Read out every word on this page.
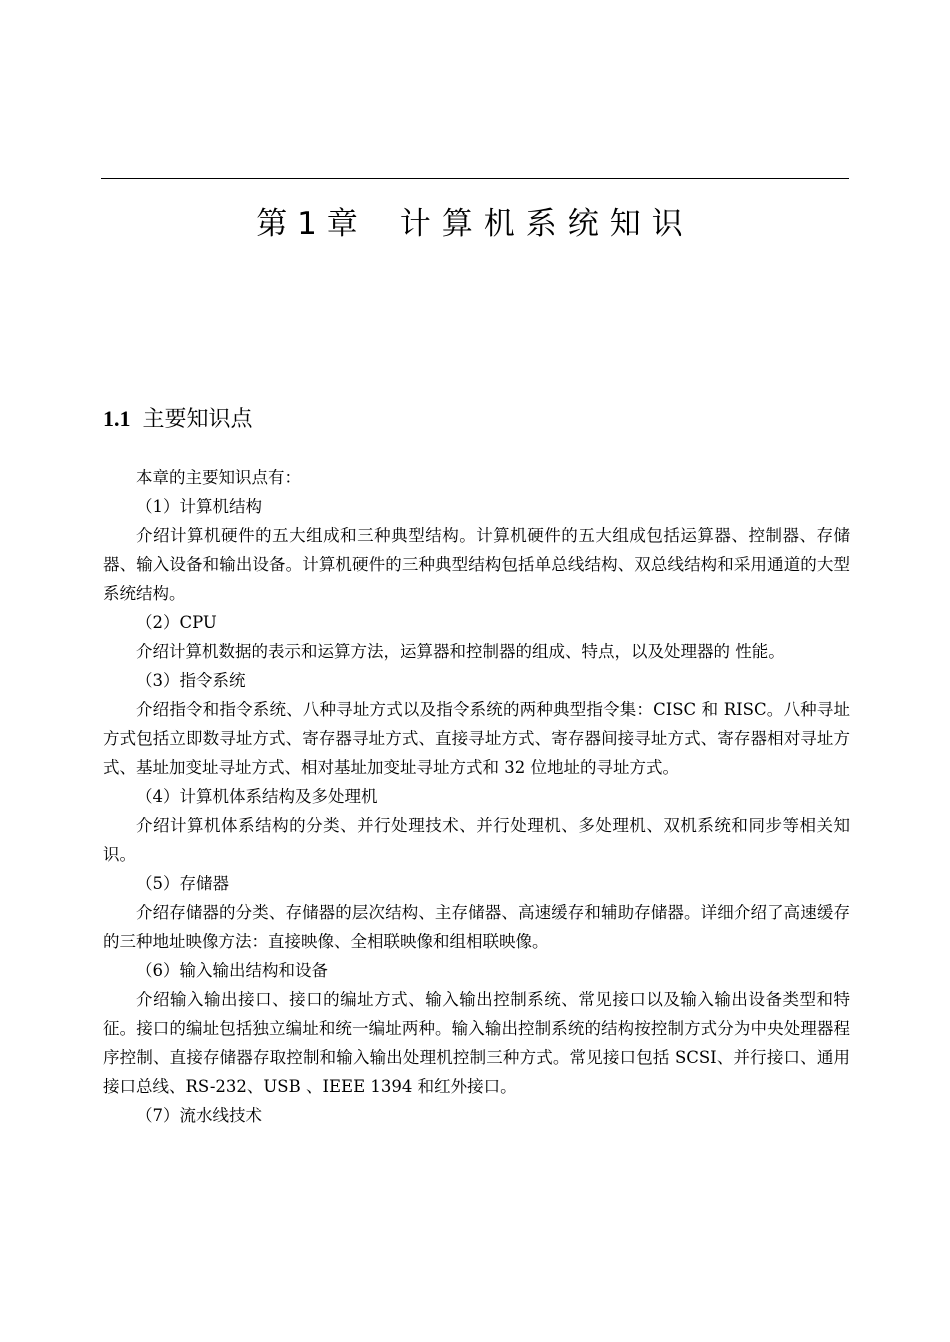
第 1 章 计算机系统知识
1.1 主要知识点

本章的主要知识点有：

（1）计算机结构

介绍计算机硬件的五大组成和三种典型结构。计算机硬件的五大组成包括运算器、控制器、存储器、输入设备和输出设备。计算机硬件的三种典型结构包括单总线结构、双总线结构和采用通道的大型系统结构。

（2）CPU

介绍计算机数据的表示和运算方法，运算器和控制器的组成、特点，以及处理器的 性能。

（3）指令系统

介绍指令和指令系统、八种寻址方式以及指令系统的两种典型指令集：CISC 和 RISC。八种寻址方式包括立即数寻址方式、寄存器寻址方式、直接寻址方式、寄存器间接寻址方式、寄存器相对寻址方式、基址加变址寻址方式、相对基址加变址寻址方式和 32 位地址的寻址方式。

（4）计算机体系结构及多处理机

介绍计算机体系结构的分类、并行处理技术、并行处理机、多处理机、双机系统和同步等相关知识。

（5）存储器

介绍存储器的分类、存储器的层次结构、主存储器、高速缓存和辅助存储器。详细介绍了高速缓存的三种地址映像方法：直接映像、全相联映像和组相联映像。

（6）输入输出结构和设备

介绍输入输出接口、接口的编址方式、输入输出控制系统、常见接口以及输入输出设备类型和特征。接口的编址包括独立编址和统一编址两种。输入输出控制系统的结构按控制方式分为中央处理器程序控制、直接存储器存取控制和输入输出处理机控制三种方式。常见接口包括 SCSI、并行接口、通用接口总线、RS-232、USB 、IEEE 1394 和红外接口。

（7）流水线技术
